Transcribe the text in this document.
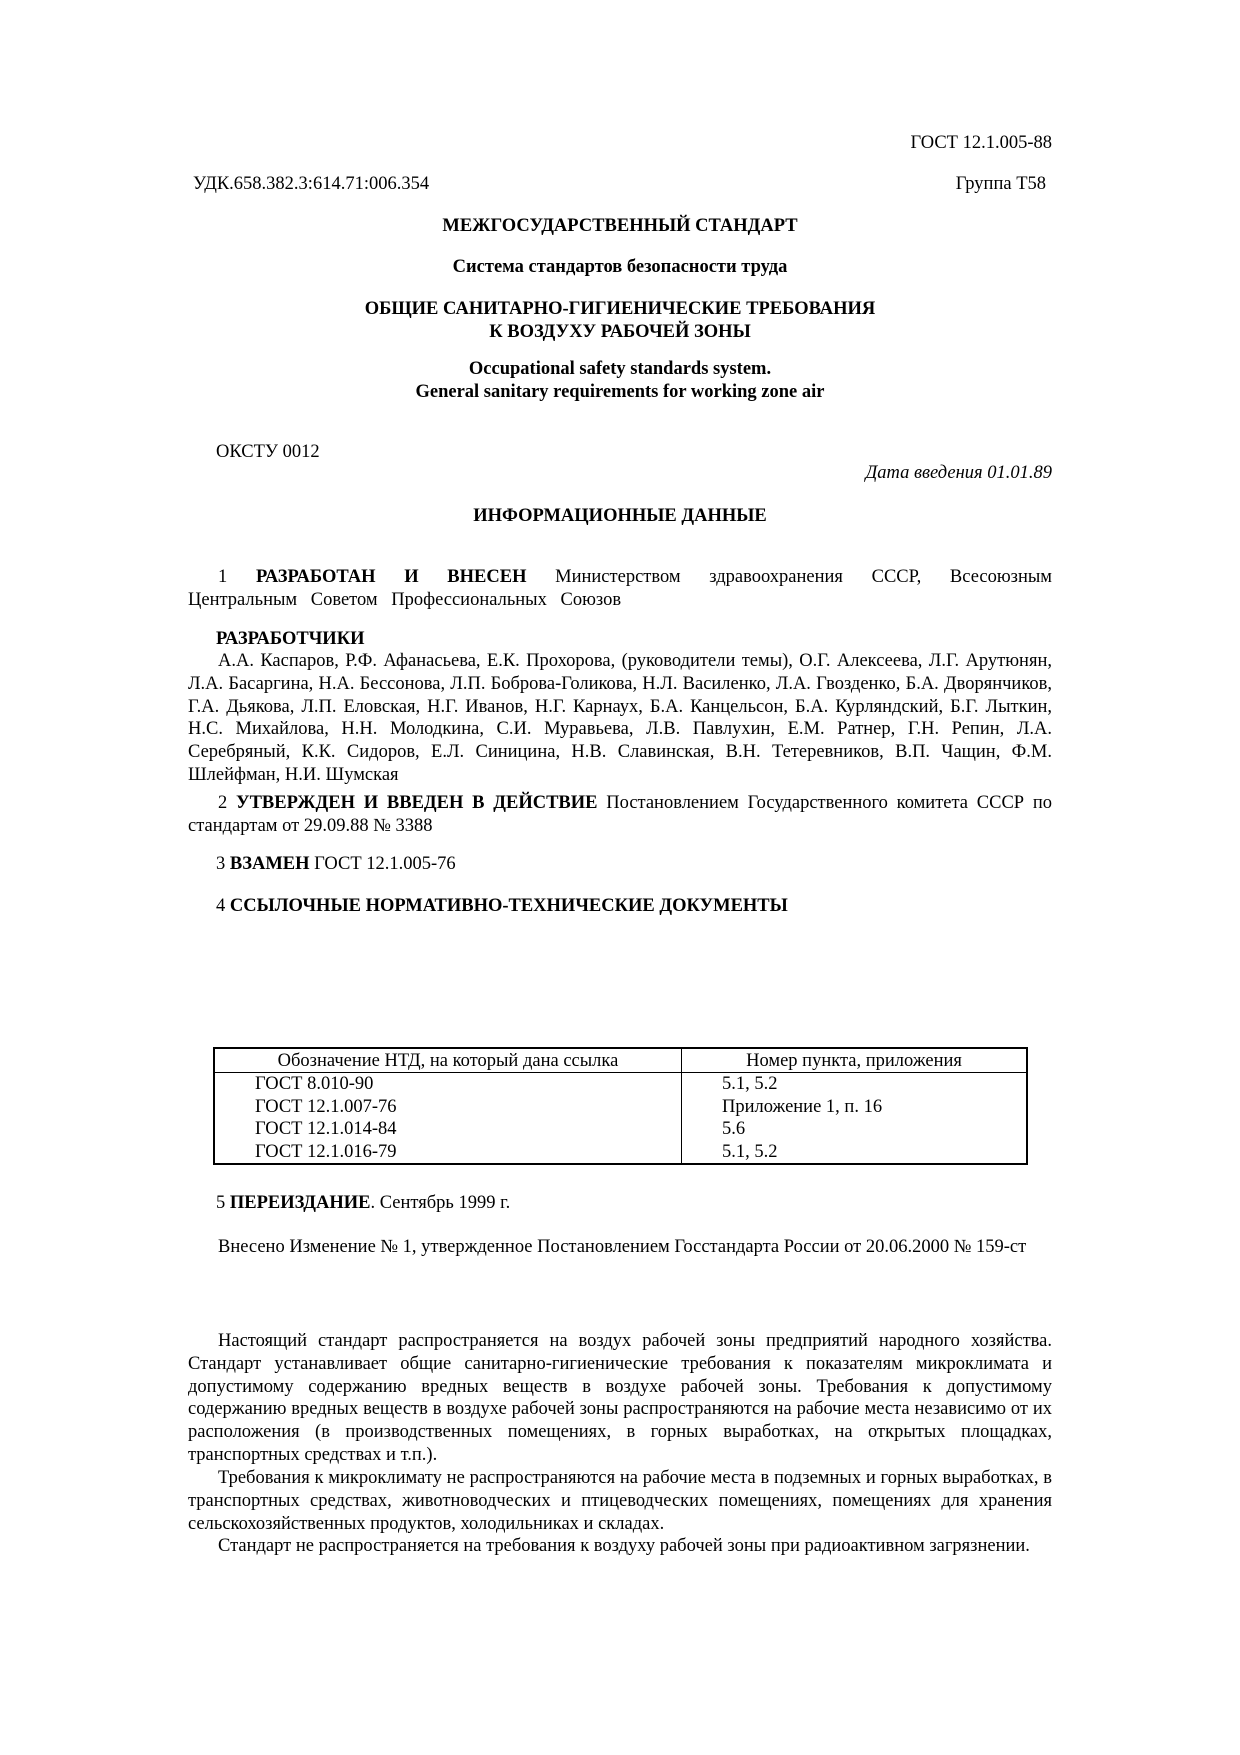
ГОСТ 12.1.005-88
УДК.658.382.3:614.71:006.354	Группа Т58
МЕЖГОСУДАРСТВЕННЫЙ СТАНДАРТ
Система стандартов безопасности труда
ОБЩИЕ САНИТАРНО-ГИГИЕНИЧЕСКИЕ ТРЕБОВАНИЯ
К ВОЗДУХУ РАБОЧЕЙ ЗОНЫ
Occupational safety standards system.
General sanitary requirements for working zone air
ОКСТУ 0012
Дата введения 01.01.89
ИНФОРМАЦИОННЫЕ ДАННЫЕ

1 РАЗРАБОТАН И ВНЕСЕН Министерством здравоохранения СССР, Всесоюзным Центральным Советом Профессиональных Союзов

РАЗРАБОТЧИКИ

А.А. Каспаров, Р.Ф. Афанасьева, Е.К. Прохорова, (руководители темы), О.Г. Алексеева, Л.Г. Арутюнян, Л.А. Басаргина, Н.А. Бессонова, Л.П. Боброва-Голикова, Н.Л. Василенко, Л.А. Гвозденко, Б.А. Дворянчиков, Г.А. Дьякова, Л.П. Еловская, Н.Г. Иванов, Н.Г. Карнаух, Б.А. Канцельсон, Б.А. Курляндский, Б.Г. Лыткин, Н.С. Михайлова, Н.Н. Молодкина, С.И. Муравьева, Л.В. Павлухин, Е.М. Ратнер, Г.Н. Репин, Л.А. Серебряный, К.К. Сидоров, Е.Л. Синицина, Н.В. Славинская, В.Н. Тетеревников, В.П. Чащин, Ф.М. Шлейфман, Н.И. Шумская

2 УТВЕРЖДЕН И ВВЕДЕН В ДЕЙСТВИЕ Постановлением Государственного комитета СССР по стандартам от 29.09.88 № 3388

3 ВЗАМЕН ГОСТ 12.1.005-76

4 ССЫЛОЧНЫЕ НОРМАТИВНО-ТЕХНИЧЕСКИЕ ДОКУМЕНТЫ

Обозначение НТД, на который дана ссылка	Номер пункта, приложения
ГОСТ 8.010-90	5.1, 5.2
ГОСТ 12.1.007-76	Приложение 1, п. 16
ГОСТ 12.1.014-84	5.6
ГОСТ 12.1.016-79	5.1, 5.2

5 ПЕРЕИЗДАНИЕ. Сентябрь 1999 г.

Внесено Изменение № 1, утвержденное Постановлением Госстандарта России от 20.06.2000 № 159-ст

Настоящий стандарт распространяется на воздух рабочей зоны предприятий народного хозяйства. Стандарт устанавливает общие санитарно-гигиенические требования к показателям микроклимата и допустимому содержанию вредных веществ в воздухе рабочей зоны. Требования к допустимому содержанию вредных веществ в воздухе рабочей зоны распространяются на рабочие места независимо от их расположения (в производственных помещениях, в горных выработках, на открытых площадках, транспортных средствах и т.п.).

Требования к микроклимату не распространяются на рабочие места в подземных и горных выработках, в транспортных средствах, животноводческих и птицеводческих помещениях, помещениях для хранения сельскохозяйственных продуктов, холодильниках и складах.

Стандарт не распространяется на требования к воздуху рабочей зоны при радиоактивном загрязнении.
